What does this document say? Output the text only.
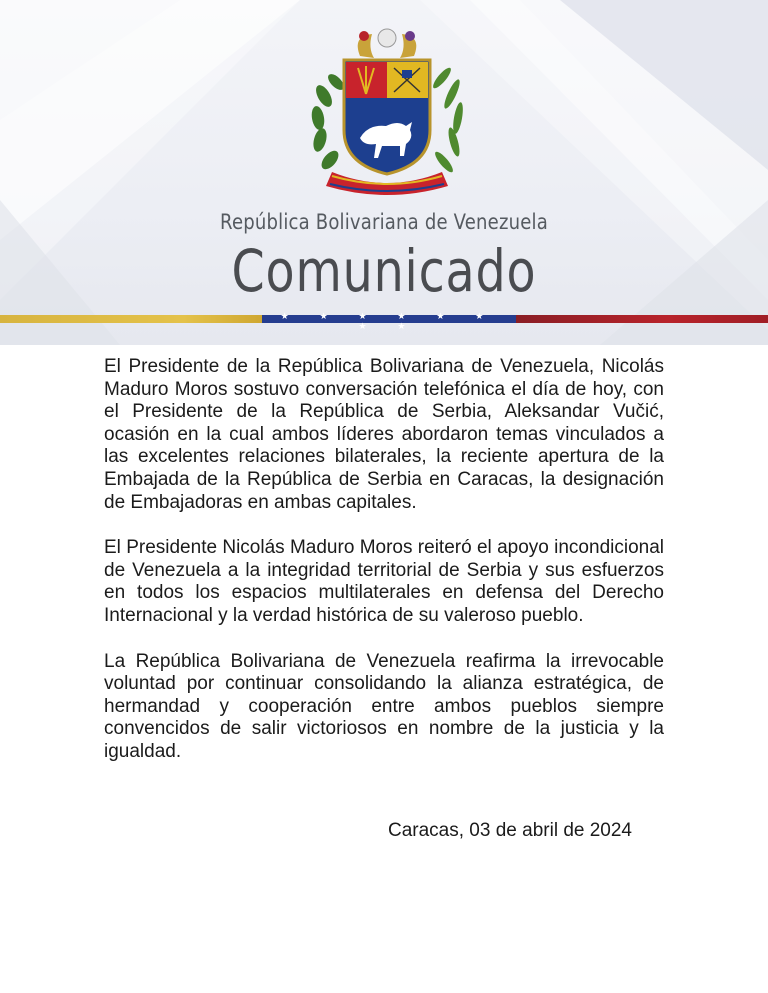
República Bolivariana de Venezuela
Comunicado
★ ★ ★ ★ ★ ★ ★ ★

El Presidente de la República Bolivariana de Venezuela, Nicolás Maduro Moros sostuvo conversación telefónica el día de hoy, con el Presidente de la República de Serbia, Aleksandar Vučić, ocasión en la cual ambos líderes abordaron temas vinculados a las excelentes relaciones bilaterales, la reciente apertura de la Embajada de la República de Serbia en Caracas, la designación de Embajadoras en ambas capitales.

El Presidente Nicolás Maduro Moros reiteró el apoyo incondicional de Venezuela a la integridad territorial de Serbia y sus esfuerzos en todos los espacios multilaterales en defensa del Derecho Internacional y la verdad histórica de su valeroso pueblo.

La República Bolivariana de Venezuela reafirma la irrevocable voluntad por continuar consolidando la alianza estratégica, de hermandad y cooperación entre ambos pueblos siempre convencidos de salir victoriosos en nombre de la justicia y la igualdad.

Caracas, 03 de abril de 2024
